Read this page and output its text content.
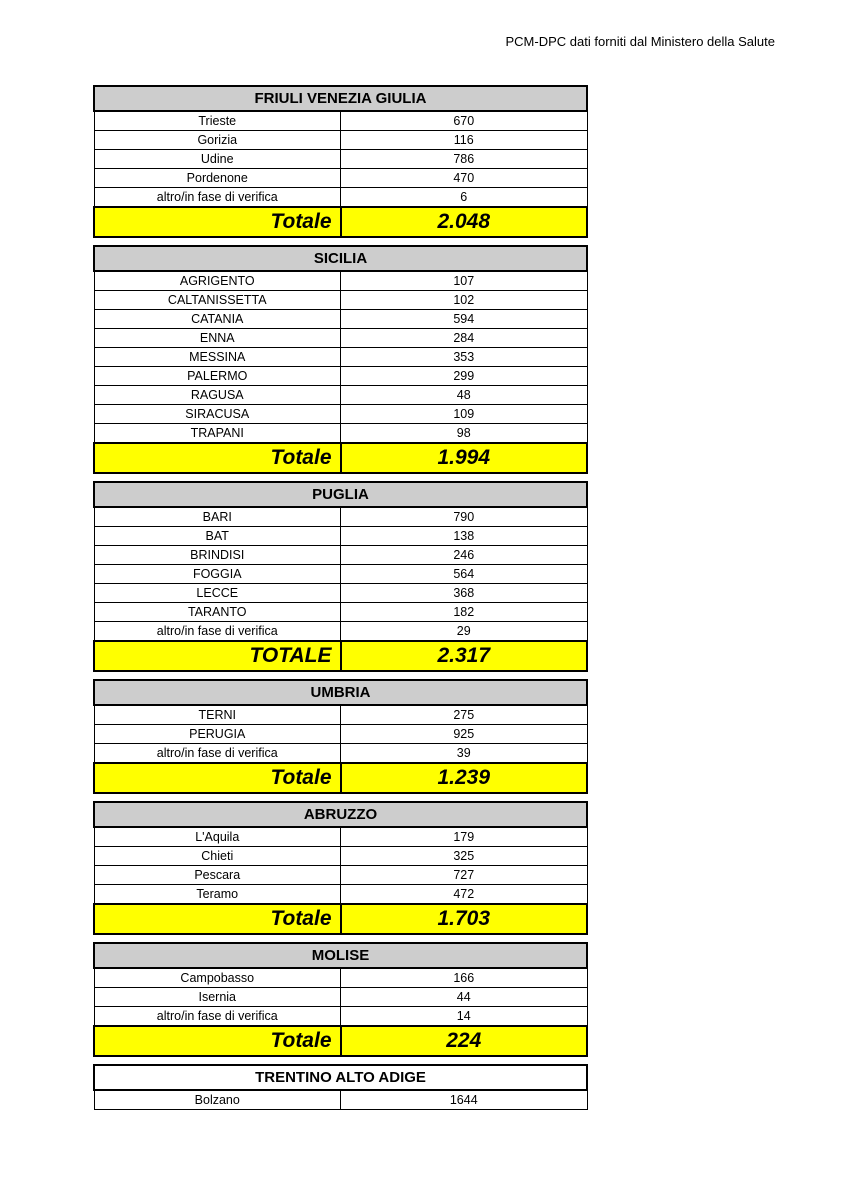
PCM-DPC dati forniti dal Ministero della Salute
FRIULI VENEZIA GIULIA	
Trieste	670
Gorizia	116
Udine	786
Pordenone	470
altro/in fase di verifica	6
Totale	2.048
SICILIA	
AGRIGENTO	107
CALTANISSETTA	102
CATANIA	594
ENNA	284
MESSINA	353
PALERMO	299
RAGUSA	48
SIRACUSA	109
TRAPANI	98
Totale	1.994
PUGLIA	
BARI	790
BAT	138
BRINDISI	246
FOGGIA	564
LECCE	368
TARANTO	182
altro/in fase di verifica	29
TOTALE	2.317
UMBRIA	
TERNI	275
PERUGIA	925
altro/in fase di verifica	39
Totale	1.239
ABRUZZO	
L'Aquila	179
Chieti	325
Pescara	727
Teramo	472
Totale	1.703
MOLISE	
Campobasso	166
Isernia	44
altro/in fase di verifica	14
Totale	224
TRENTINO ALTO ADIGE
Bolzano	1644
